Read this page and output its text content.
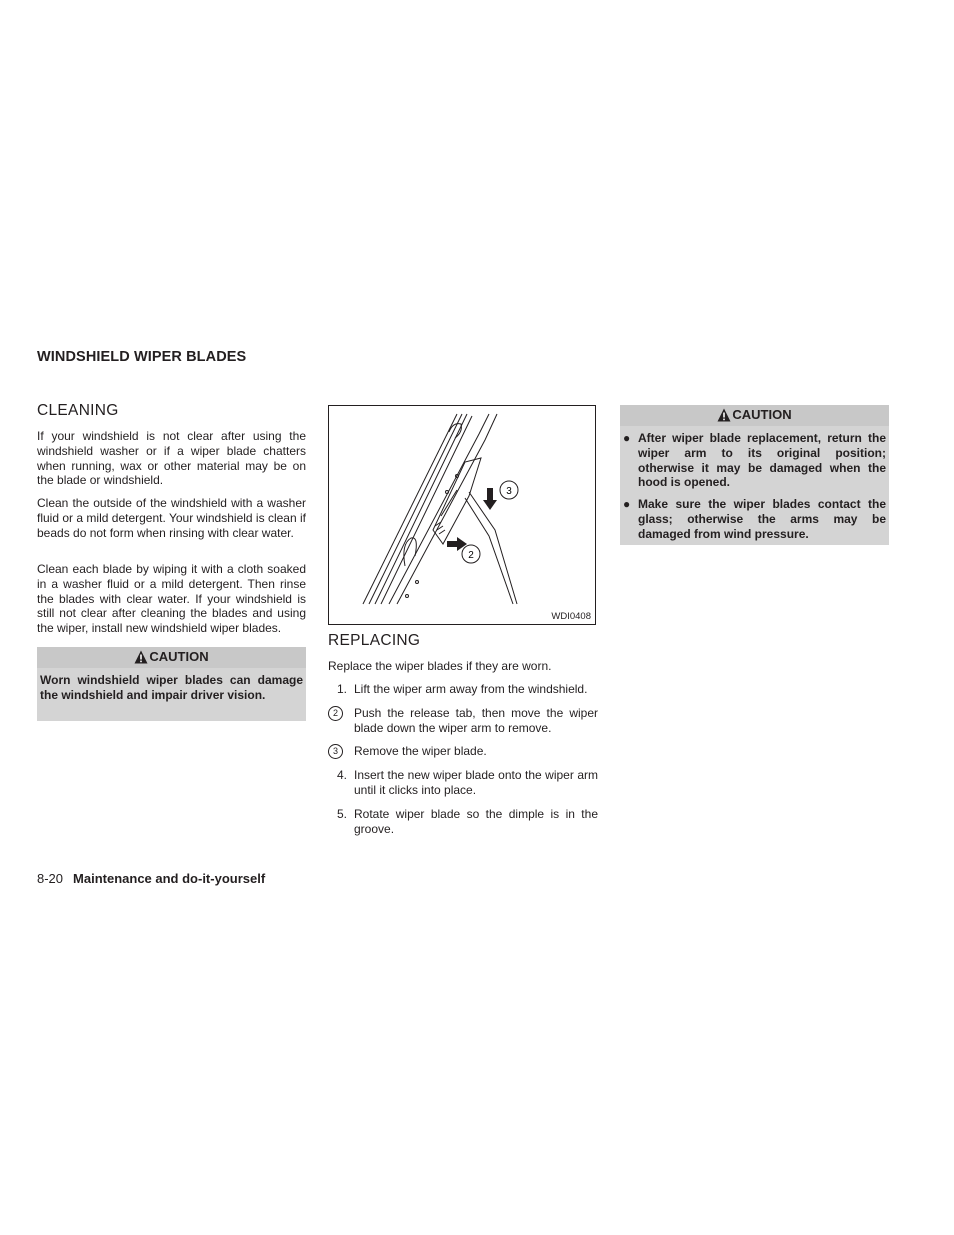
WINDSHIELD WIPER BLADES
CLEANING

If your windshield is not clear after using the windshield washer or if a wiper blade chatters when running, wax or other material may be on the blade or windshield.

Clean the outside of the windshield with a washer fluid or a mild detergent. Your windshield is clean if beads do not form when rinsing with clear water.

Clean each blade by wiping it with a cloth soaked in a washer fluid or a mild detergent. Then rinse the blades with clear water. If your windshield is still not clear after cleaning the blades and using the wiper, install new windshield wiper blades.

CAUTION
Worn windshield wiper blades can damage the windshield and impair driver vision.
3
2
WDI0408
REPLACING

Replace the wiper blades if they are worn.

1. Lift the wiper arm away from the windshield.
2	Push the release tab, then move the wiper blade down the wiper arm to remove.
3	Remove the wiper blade.
4. Insert the new wiper blade onto the wiper arm until it clicks into place.
5. Rotate wiper blade so the dimple is in the groove.
CAUTION
● After wiper blade replacement, return the wiper arm to its original position; otherwise it may be damaged when the hood is opened.
● Make sure the wiper blades contact the glass; otherwise the arms may be damaged from wind pressure.
8-20 Maintenance and do-it-yourself
